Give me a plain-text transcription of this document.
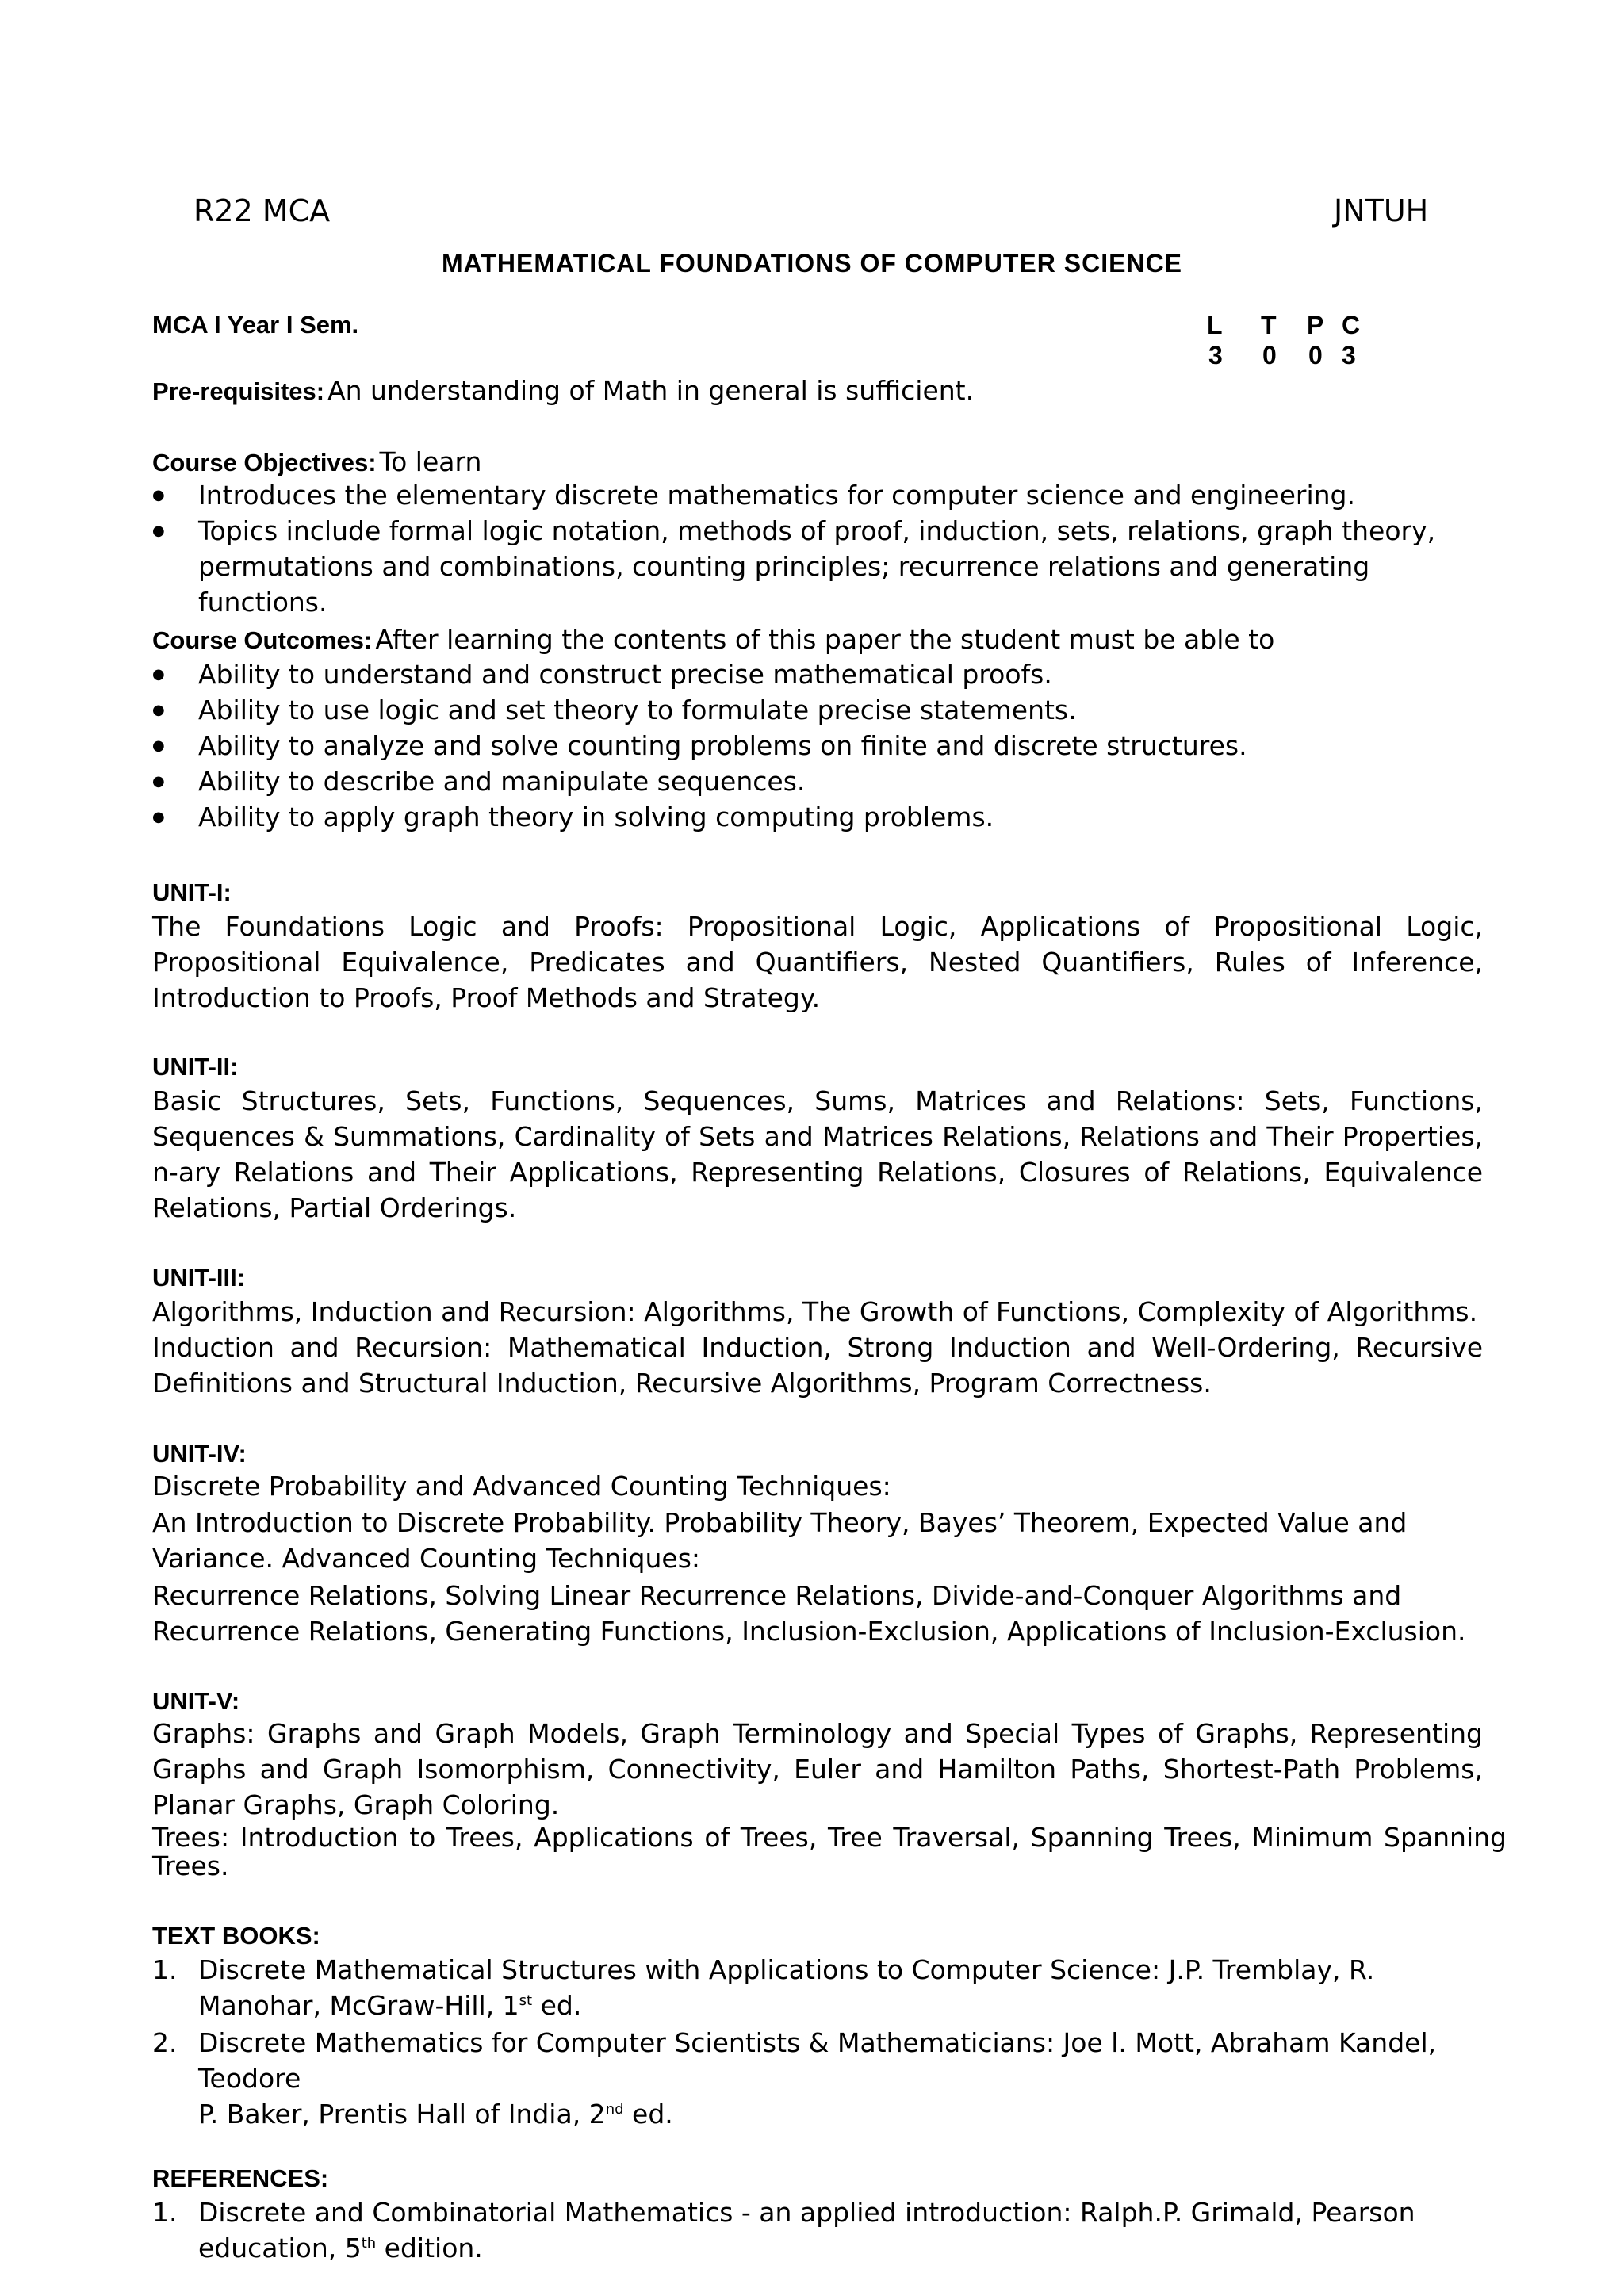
R22 MCA	JNTUH
MATHEMATICAL FOUNDATIONS OF COMPUTER SCIENCE
MCA I Year I Sem.	L T P C
3 0 0 3
Pre-requisites: An understanding of Math in general is sufficient.
Course Objectives: To learn
● Introduces the elementary discrete mathematics for computer science and engineering.
● Topics include formal logic notation, methods of proof, induction, sets, relations, graph theory, permutations and combinations, counting principles; recurrence relations and generating functions.
Course Outcomes: After learning the contents of this paper the student must be able to
● Ability to understand and construct precise mathematical proofs.
● Ability to use logic and set theory to formulate precise statements.
● Ability to analyze and solve counting problems on finite and discrete structures.
● Ability to describe and manipulate sequences.
● Ability to apply graph theory in solving computing problems.
UNIT-I:

The Foundations Logic and Proofs: Propositional Logic, Applications of Propositional Logic, Propositional Equivalence, Predicates and Quantifiers, Nested Quantifiers, Rules of Inference, Introduction to Proofs, Proof Methods and Strategy.

UNIT-II:

Basic Structures, Sets, Functions, Sequences, Sums, Matrices and Relations: Sets, Functions, Sequences & Summations, Cardinality of Sets and Matrices Relations, Relations and Their Properties, n-ary Relations and Their Applications, Representing Relations, Closures of Relations, Equivalence Relations, Partial Orderings.

UNIT-III:

Algorithms, Induction and Recursion: Algorithms, The Growth of Functions, Complexity of Algorithms.

Induction and Recursion: Mathematical Induction, Strong Induction and Well-Ordering, Recursive Definitions and Structural Induction, Recursive Algorithms, Program Correctness.

UNIT-IV:

Discrete Probability and Advanced Counting Techniques:

An Introduction to Discrete Probability. Probability Theory, Bayes’ Theorem, Expected Value and Variance. Advanced Counting Techniques:

Recurrence Relations, Solving Linear Recurrence Relations, Divide-and-Conquer Algorithms and Recurrence Relations, Generating Functions, Inclusion-Exclusion, Applications of Inclusion-Exclusion.

UNIT-V:

Graphs: Graphs and Graph Models, Graph Terminology and Special Types of Graphs, Representing Graphs and Graph Isomorphism, Connectivity, Euler and Hamilton Paths, Shortest-Path Problems, Planar Graphs, Graph Coloring.

Trees: Introduction to Trees, Applications of Trees, Tree Traversal, Spanning Trees, Minimum Spanning Trees.

TEXT BOOKS:
1. Discrete Mathematical Structures with Applications to Computer Science: J.P. Tremblay, R.
Manohar, McGraw-Hill, 1st ed.
2. Discrete Mathematics for Computer Scientists & Mathematicians: Joe l. Mott, Abraham Kandel,
Teodore
P. Baker, Prentis Hall of India, 2nd ed.
REFERENCES:
1. Discrete and Combinatorial Mathematics - an applied introduction: Ralph.P. Grimald, Pearson
education, 5th edition.
